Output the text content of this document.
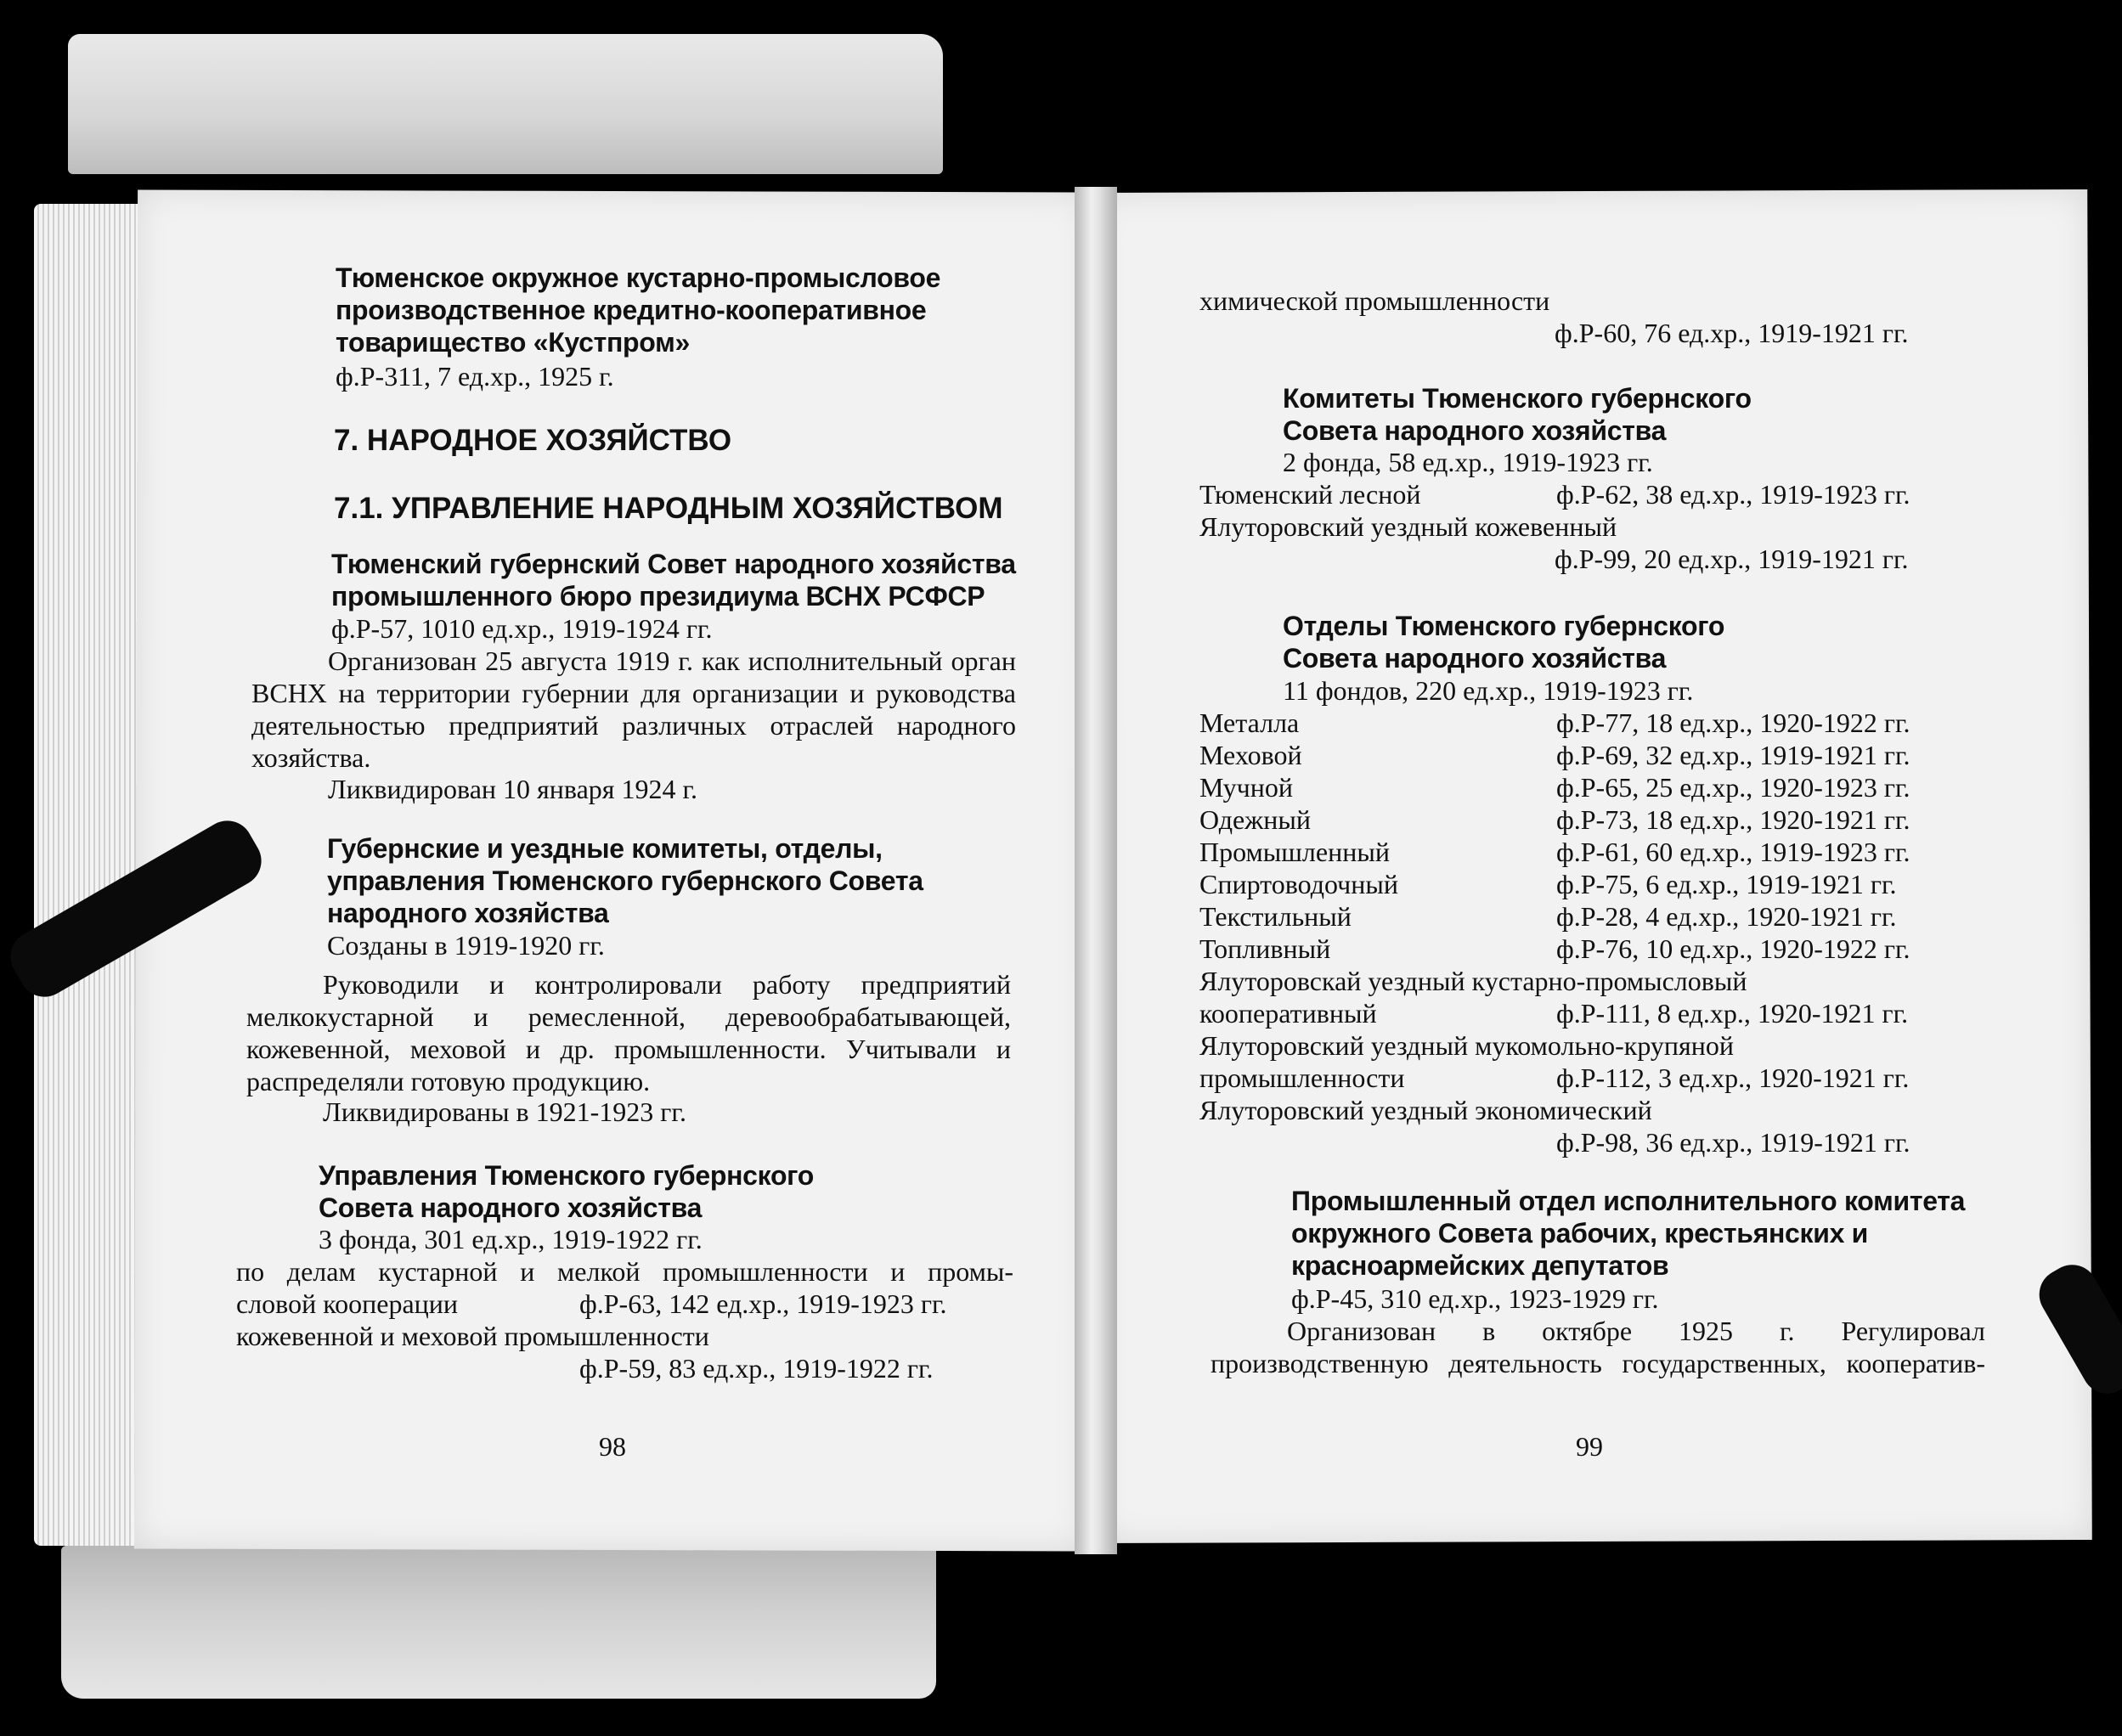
Тюменское окружное кустарно-промысловое
производственное кредитно-кооперативное
товарищество «Кустпром»
ф.Р-311, 7 ед.хр., 1925 г.
7. НАРОДНОЕ ХОЗЯЙСТВО
7.1. УПРАВЛЕНИЕ НАРОДНЫМ ХОЗЯЙСТВОМ
Тюменский губернский Совет народного хозяйства
промышленного бюро президиума ВСНХ РСФСР
ф.Р-57, 1010 ед.хр., 1919-1924 гг.
Организован 25 августа 1919 г. как исполнительный орган ВСНХ на территории губернии для организации и руководства деятельностью предприятий различных отраслей народного хозяйства.
Ликвидирован 10 января 1924 г.
Губернские и уездные комитеты, отделы,
управления Тюменского губернского Совета
народного хозяйства
Созданы в 1919-1920 гг.
Руководили и контролировали работу предприятий мелкокустарной и ремесленной, деревообрабатывающей, кожевенной, меховой и др. промышленности. Учитывали и распределяли готовую продукцию.
Ликвидированы в 1921-1923 гг.
Управления Тюменского губернского
Совета народного хозяйства
3 фонда, 301 ед.хр., 1919-1922 гг.
по делам кустарной и мелкой промышленности и промы-
словой кооперации	ф.Р-63, 142 ед.хр., 1919-1923 гг.
кожевенной и меховой промышленности
ф.Р-59, 83 ед.хр., 1919-1922 гг.
98
химической промышленности
ф.Р-60, 76 ед.хр., 1919-1921 гг.
Комитеты Тюменского губернского
Совета народного хозяйства
2 фонда, 58 ед.хр., 1919-1923 гг.
Тюменский лесной	ф.Р-62, 38 ед.хр., 1919-1923 гг.
Ялуторовский уездный кожевенный
ф.Р-99, 20 ед.хр., 1919-1921 гг.
Отделы Тюменского губернского
Совета народного хозяйства
11 фондов, 220 ед.хр., 1919-1923 гг.
Металла	ф.Р-77, 18 ед.хр., 1920-1922 гг.
Меховой	ф.Р-69, 32 ед.хр., 1919-1921 гг.
Мучной	ф.Р-65, 25 ед.хр., 1920-1923 гг.
Одежный	ф.Р-73, 18 ед.хр., 1920-1921 гг.
Промышленный	ф.Р-61, 60 ед.хр., 1919-1923 гг.
Спиртоводочный	ф.Р-75, 6 ед.хр., 1919-1921 гг.
Текстильный	ф.Р-28, 4 ед.хр., 1920-1921 гг.
Топливный	ф.Р-76, 10 ед.хр., 1920-1922 гг.
Ялуторовскай уездный кустарно-промысловый
кооперативный	ф.Р-111, 8 ед.хр., 1920-1921 гг.
Ялуторовский уездный мукомольно-крупяной
промышленности	ф.Р-112, 3 ед.хр., 1920-1921 гг.
Ялуторовский уездный экономический
ф.Р-98, 36 ед.хр., 1919-1921 гг.
Промышленный отдел исполнительного комитета
окружного Совета рабочих, крестьянских и
красноармейских депутатов
ф.Р-45, 310 ед.хр., 1923-1929 гг.
Организован в октябре 1925 г. Регулировал производственную деятельность государственных, кооператив-
99
